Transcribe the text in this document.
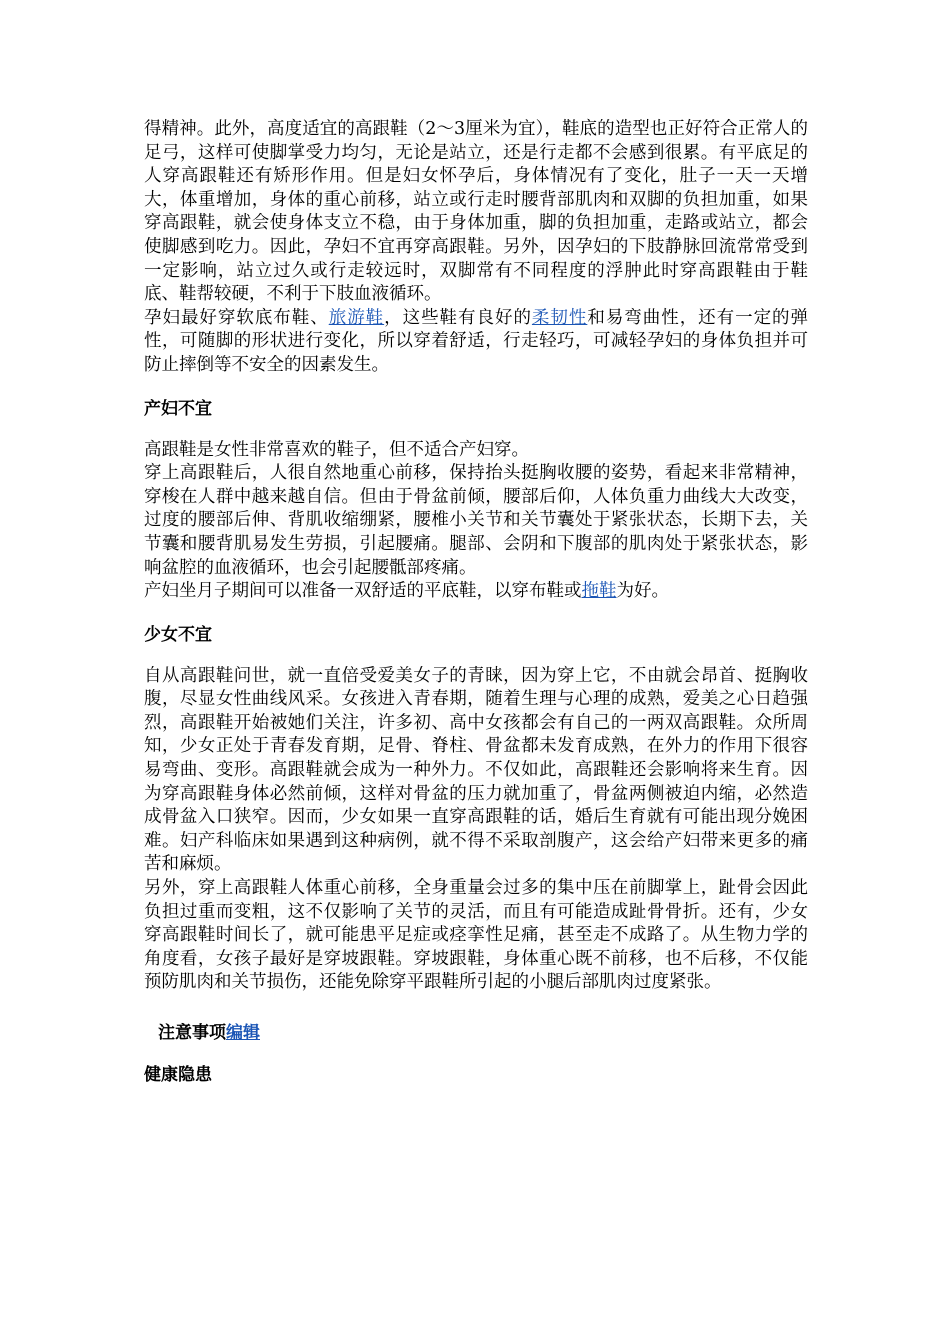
得精神。此外，高度适宜的高跟鞋（2～3厘米为宜），鞋底的造型也正好符合正常人的足弓，这样可使脚掌受力均匀，无论是站立，还是行走都不会感到很累。有平底足的人穿高跟鞋还有矫形作用。但是妇女怀孕后，身体情况有了变化，肚子一天一天增大，体重增加，身体的重心前移，站立或行走时腰背部肌肉和双脚的负担加重，如果穿高跟鞋，就会使身体支立不稳，由于身体加重，脚的负担加重，走路或站立，都会使脚感到吃力。因此，孕妇不宜再穿高跟鞋。另外，因孕妇的下肢静脉回流常常受到一定影响，站立过久或行走较远时，双脚常有不同程度的浮肿此时穿高跟鞋由于鞋底、鞋帮较硬，不利于下肢血液循环。

孕妇最好穿软底布鞋、旅游鞋，这些鞋有良好的柔韧性和易弯曲性，还有一定的弹性，可随脚的形状进行变化，所以穿着舒适，行走轻巧，可减轻孕妇的身体负担并可防止摔倒等不安全的因素发生。

产妇不宜

高跟鞋是女性非常喜欢的鞋子，但不适合产妇穿。

穿上高跟鞋后，人很自然地重心前移，保持抬头挺胸收腰的姿势，看起来非常精神，穿梭在人群中越来越自信。但由于骨盆前倾，腰部后仰，人体负重力曲线大大改变，过度的腰部后伸、背肌收缩绷紧，腰椎小关节和关节囊处于紧张状态，长期下去，关节囊和腰背肌易发生劳损，引起腰痛。腿部、会阴和下腹部的肌肉处于紧张状态，影响盆腔的血液循环，也会引起腰骶部疼痛。

产妇坐月子期间可以准备一双舒适的平底鞋，以穿布鞋或拖鞋为好。

少女不宜

自从高跟鞋问世，就一直倍受爱美女子的青睐，因为穿上它，不由就会昂首、挺胸收腹，尽显女性曲线风采。女孩进入青春期，随着生理与心理的成熟，爱美之心日趋强烈，高跟鞋开始被她们关注，许多初、高中女孩都会有自己的一两双高跟鞋。众所周知，少女正处于青春发育期，足骨、脊柱、骨盆都未发育成熟，在外力的作用下很容易弯曲、变形。高跟鞋就会成为一种外力。不仅如此，高跟鞋还会影响将来生育。因为穿高跟鞋身体必然前倾，这样对骨盆的压力就加重了，骨盆两侧被迫内缩，必然造成骨盆入口狭窄。因而，少女如果一直穿高跟鞋的话，婚后生育就有可能出现分娩困难。妇产科临床如果遇到这种病例，就不得不采取剖腹产，这会给产妇带来更多的痛苦和麻烦。

另外，穿上高跟鞋人体重心前移，全身重量会过多的集中压在前脚掌上，趾骨会因此负担过重而变粗，这不仅影响了关节的灵活，而且有可能造成趾骨骨折。还有，少女穿高跟鞋时间长了，就可能患平足症或痉挛性足痛，甚至走不成路了。从生物力学的角度看，女孩子最好是穿坡跟鞋。穿坡跟鞋，身体重心既不前移，也不后移，不仅能预防肌肉和关节损伤，还能免除穿平跟鞋所引起的小腿后部肌肉过度紧张。

注意事项编辑
健康隐患
